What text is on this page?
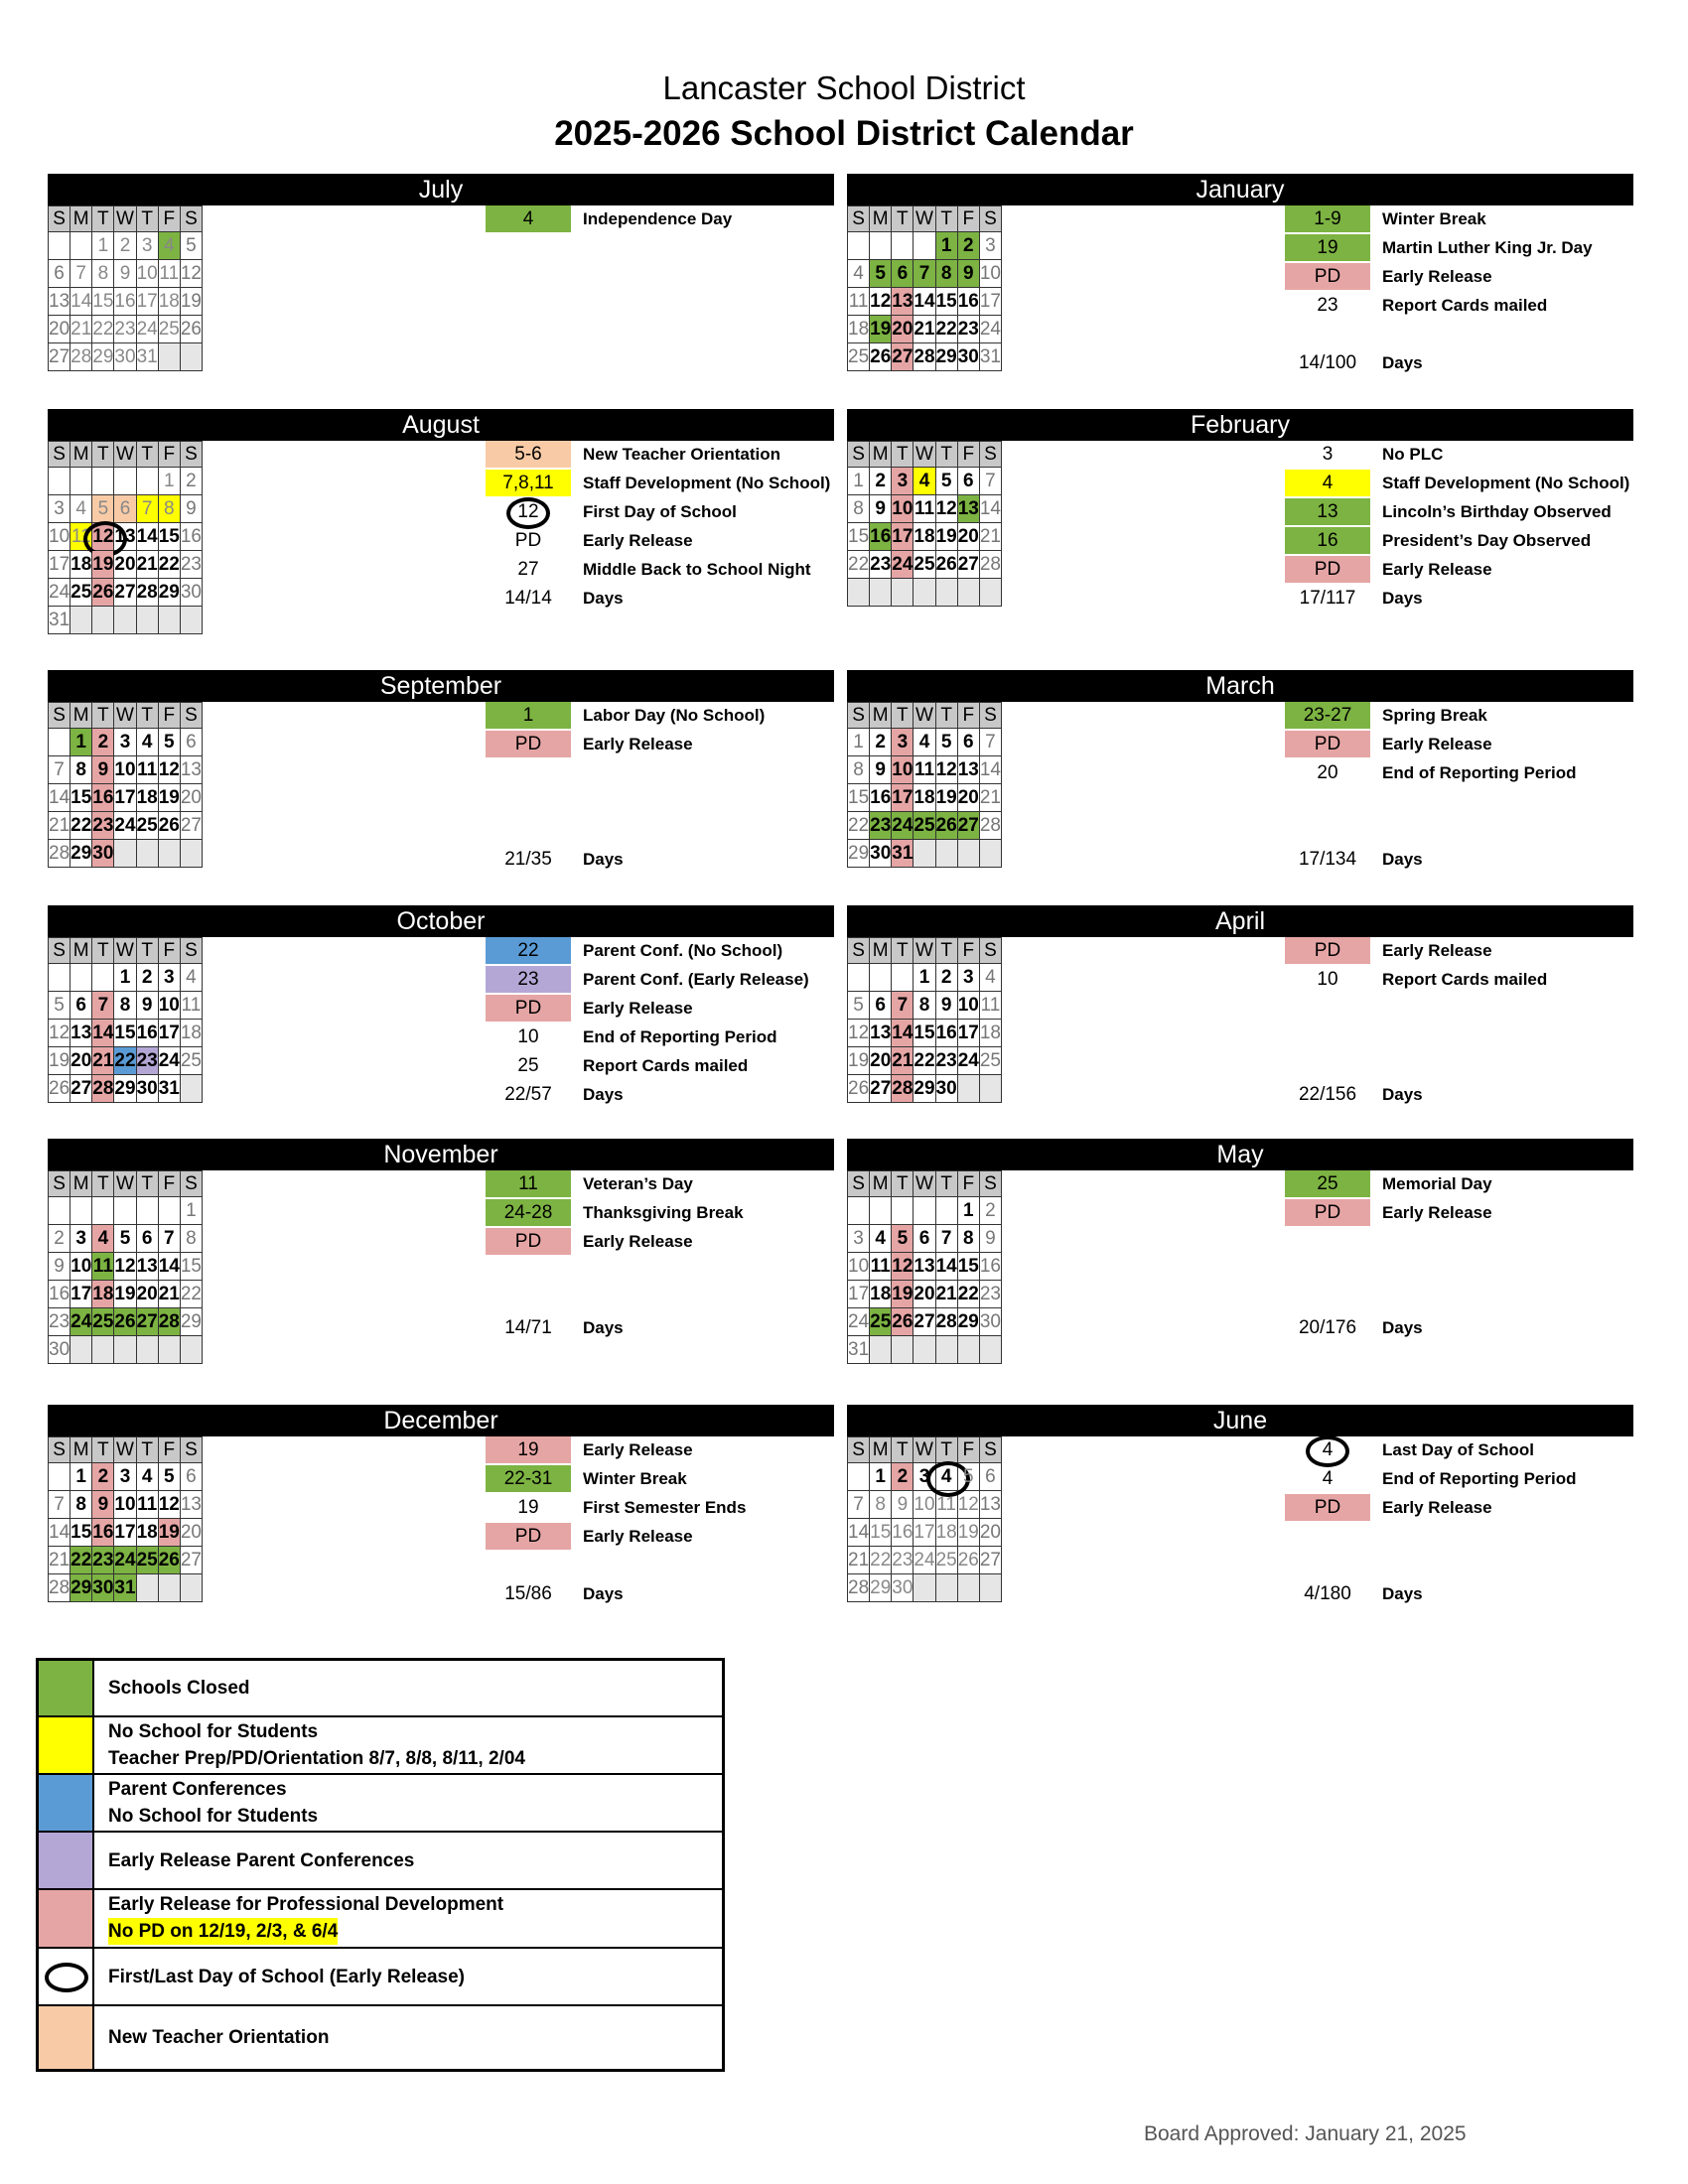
Lancaster School District
2025-2026 School District Calendar
July
S	M	T	W	T	F	S
		1	2	3	4	5
6	7	8	9	10	11	12
13	14	15	16	17	18	19
20	21	22	23	24	25	26
27	28	29	30	31		
4	Independence Day
January
S	M	T	W	T	F	S
				1	2	3
4	5	6	7	8	9	10
11	12	13	14	15	16	17
18	19	20	21	22	23	24
25	26	27	28	29	30	31
1-9	Winter Break
19	Martin Luther King Jr. Day
PD	Early Release
23	Report Cards mailed
14/100	Days
August
S	M	T	W	T	F	S
					1	2
3	4	5	6	7	8	9
10	11	12	13	14	15	16
17	18	19	20	21	22	23
24	25	26	27	28	29	30
31						
5-6	New Teacher Orientation
7,8,11	Staff Development (No School)
12	First Day of School
PD	Early Release
27	Middle Back to School Night
14/14	Days
February
S	M	T	W	T	F	S
1	2	3	4	5	6	7
8	9	10	11	12	13	14
15	16	17	18	19	20	21
22	23	24	25	26	27	28

3	No PLC
4	Staff Development (No School)
13	Lincoln’s Birthday Observed
16	President’s Day Observed
PD	Early Release
17/117	Days
September
S	M	T	W	T	F	S
	1	2	3	4	5	6
7	8	9	10	11	12	13
14	15	16	17	18	19	20
21	22	23	24	25	26	27
28	29	30				
1	Labor Day (No School)
PD	Early Release
21/35	Days
March
S	M	T	W	T	F	S
1	2	3	4	5	6	7
8	9	10	11	12	13	14
15	16	17	18	19	20	21
22	23	24	25	26	27	28
29	30	31				
23-27	Spring Break
PD	Early Release
20	End of Reporting Period
17/134	Days
October
S	M	T	W	T	F	S
			1	2	3	4
5	6	7	8	9	10	11
12	13	14	15	16	17	18
19	20	21	22	23	24	25
26	27	28	29	30	31	
22	Parent Conf. (No School)
23	Parent Conf. (Early Release)
PD	Early Release
10	End of Reporting Period
25	Report Cards mailed
22/57	Days
April
S	M	T	W	T	F	S
			1	2	3	4
5	6	7	8	9	10	11
12	13	14	15	16	17	18
19	20	21	22	23	24	25
26	27	28	29	30		
PD	Early Release
10	Report Cards mailed
22/156	Days
November
S	M	T	W	T	F	S
						1
2	3	4	5	6	7	8
9	10	11	12	13	14	15
16	17	18	19	20	21	22
23	24	25	26	27	28	29
30						
11	Veteran’s Day
24-28	Thanksgiving Break
PD	Early Release
14/71	Days
May
S	M	T	W	T	F	S
					1	2
3	4	5	6	7	8	9
10	11	12	13	14	15	16
17	18	19	20	21	22	23
24	25	26	27	28	29	30
31						
25	Memorial Day
PD	Early Release
20/176	Days
December
S	M	T	W	T	F	S
	1	2	3	4	5	6
7	8	9	10	11	12	13
14	15	16	17	18	19	20
21	22	23	24	25	26	27
28	29	30	31			
19	Early Release
22-31	Winter Break
19	First Semester Ends
PD	Early Release
15/86	Days
June
S	M	T	W	T	F	S
	1	2	3	4	5	6
7	8	9	10	11	12	13
14	15	16	17	18	19	20
21	22	23	24	25	26	27
28	29	30				
4	Last Day of School
4	End of Reporting Period
PD	Early Release
4/180	Days
Schools Closed
No School for Students
Teacher Prep/PD/Orientation 8/7, 8/8, 8/11, 2/04
Parent Conferences
No School for Students
Early Release Parent Conferences
Early Release for Professional Development
No PD on 12/19, 2/3, & 6/4
First/Last Day of School (Early Release)
New Teacher Orientation
Board Approved: January 21, 2025
